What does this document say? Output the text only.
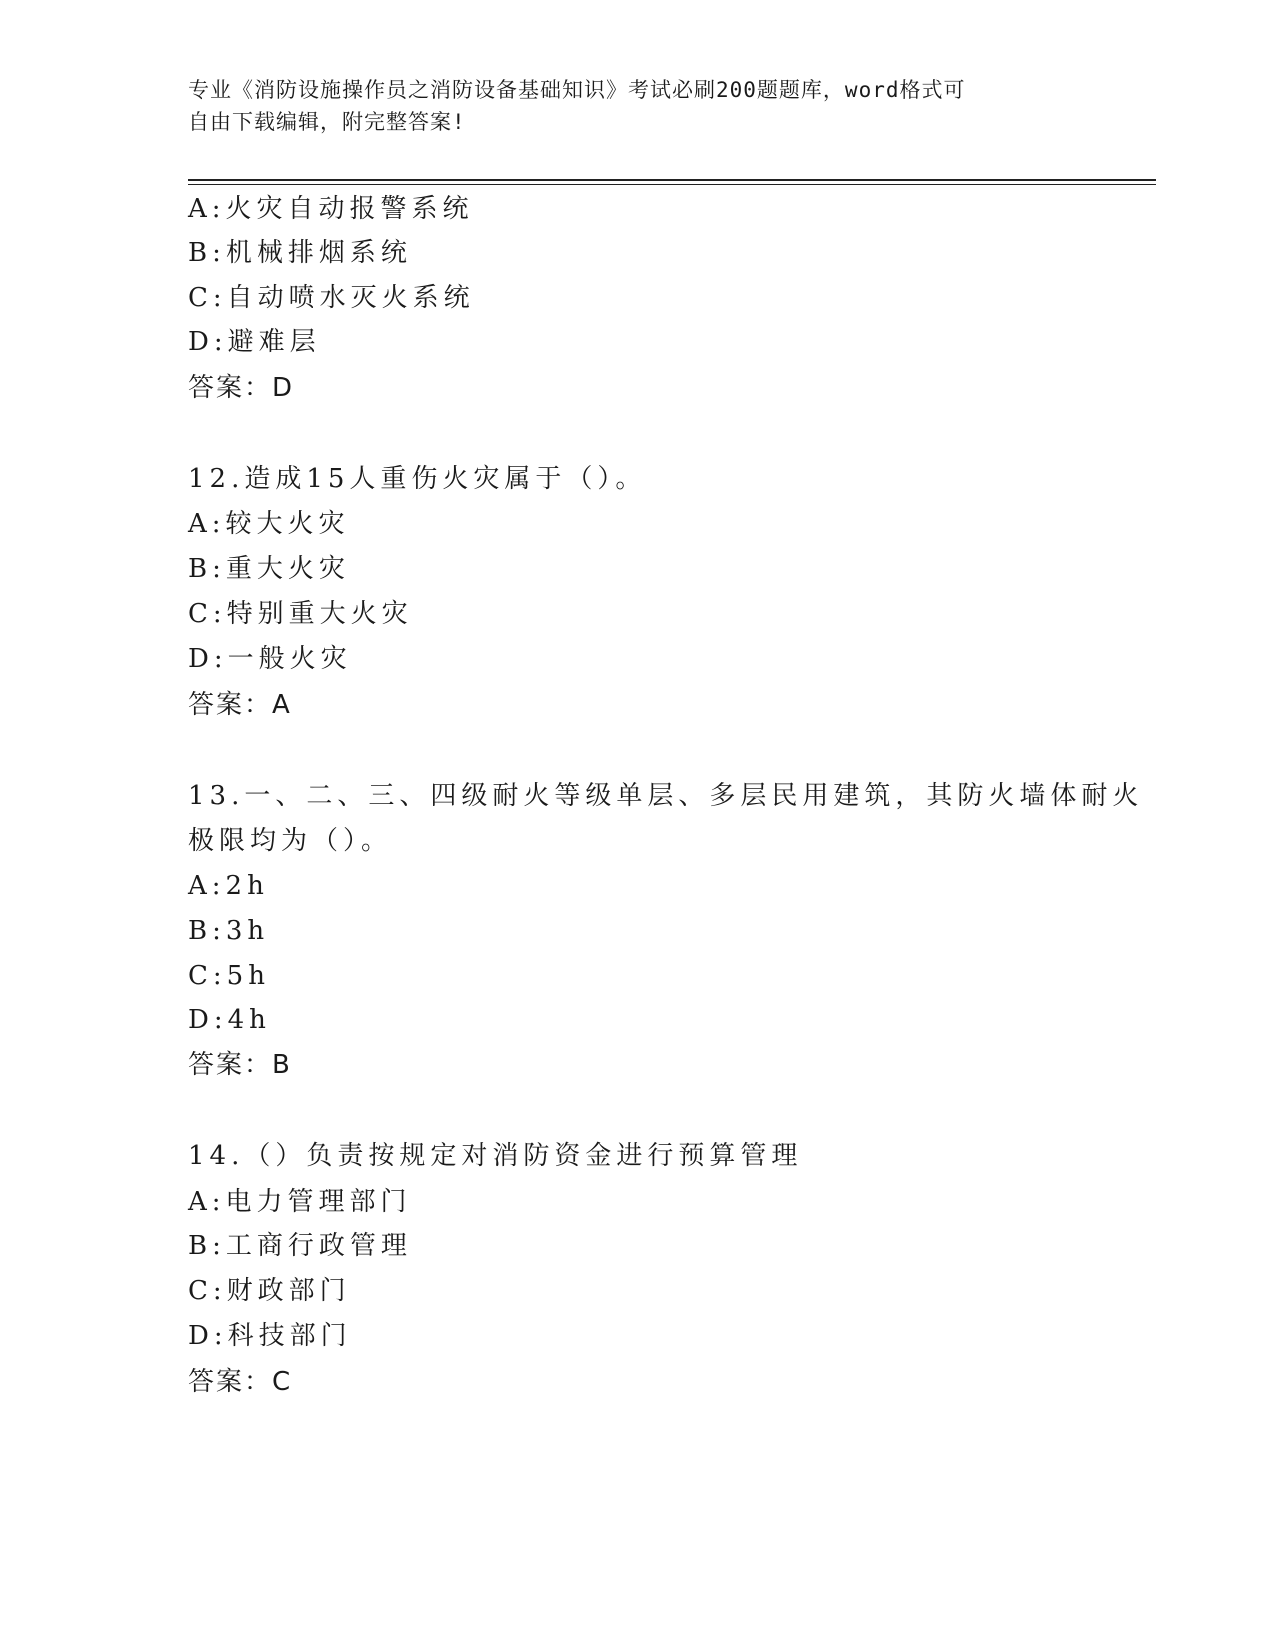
专业《消防设施操作员之消防设备基础知识》考试必刷200题题库，word格式可
自由下载编辑，附完整答案!
A:火灾自动报警系统
B:机械排烟系统
C:自动喷水灭火系统
D:避难层
答案：D
12.造成15人重伤火灾属于（）。
A:较大火灾
B:重大火灾
C:特别重大火灾
D:一般火灾
答案：A
13.一、二、三、四级耐火等级单层、多层民用建筑，其防火墙体耐火
极限均为（）。
A:2h
B:3h
C:5h
D:4h
答案：B
14.（）负责按规定对消防资金进行预算管理
A:电力管理部门
B:工商行政管理
C:财政部门
D:科技部门
答案：C
